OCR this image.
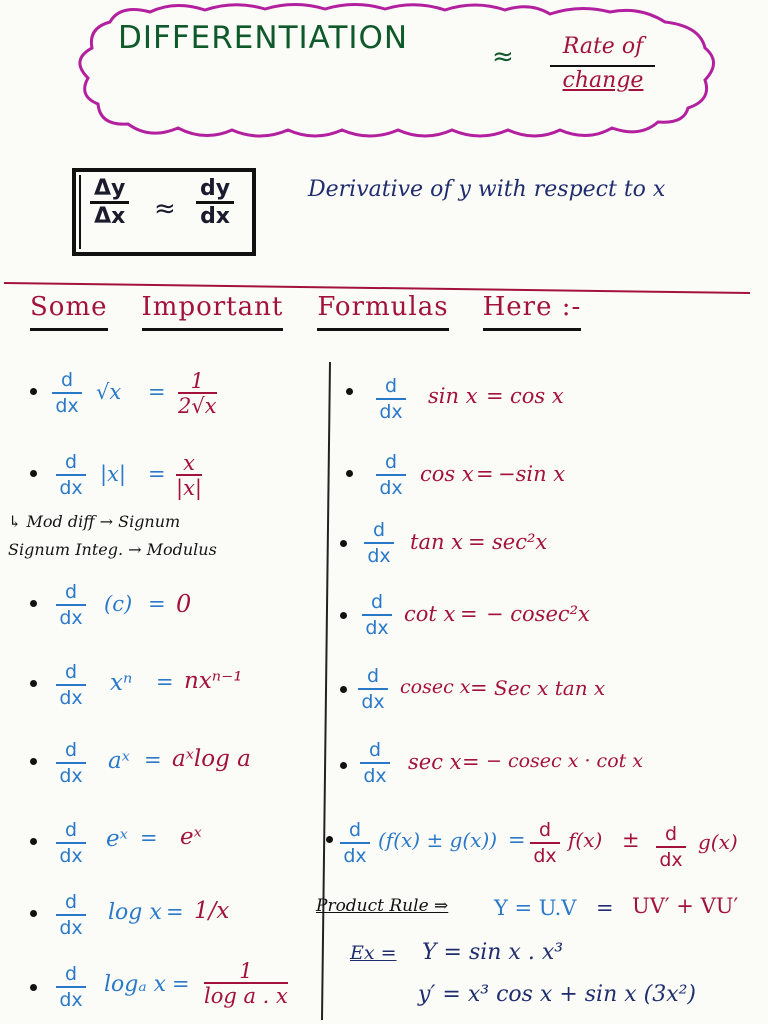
DIFFERENTIATION
≈	Rate of
change
$\frac{\Delta y}{\Delta x} \approx \frac{dy}{dx}$	Derivative of y with respect to x
Some Important Formulas Here :-
d
dx
$√x = \frac{1}{2√x}$
d
dx
$|x| = \frac{x}{|x|}$
↳ Mod diff → Signum
Signum Integ. → Modulus
d
dx
(c) = 0
d
dx
xⁿ = nxⁿ⁻¹
d
dx
aˣ = aˣlog a
d
dx
eˣ = eˣ
d
dx
log x = 1/x
d
dx
logₐ $x = \frac{1}{\text{log a . x}}$
d
dx
sin x = cos x
d
dx
cos x = −sin x
d
dx
tan x = sec²x
d
dx
cot x = − cosec²x
d
dx
cosec x = Sec x tan x
d
dx
sec x = − cosec x · cot x
d
dx
(f(x) ± g(x)) = d
dx
f(x) ±	d
dx
g(x)
Product Rule ⇒ Y = U.V = UV′ + VU′
Ex = Y = sin x . x³
y′ = x³ cos x + sin x (3x²)
